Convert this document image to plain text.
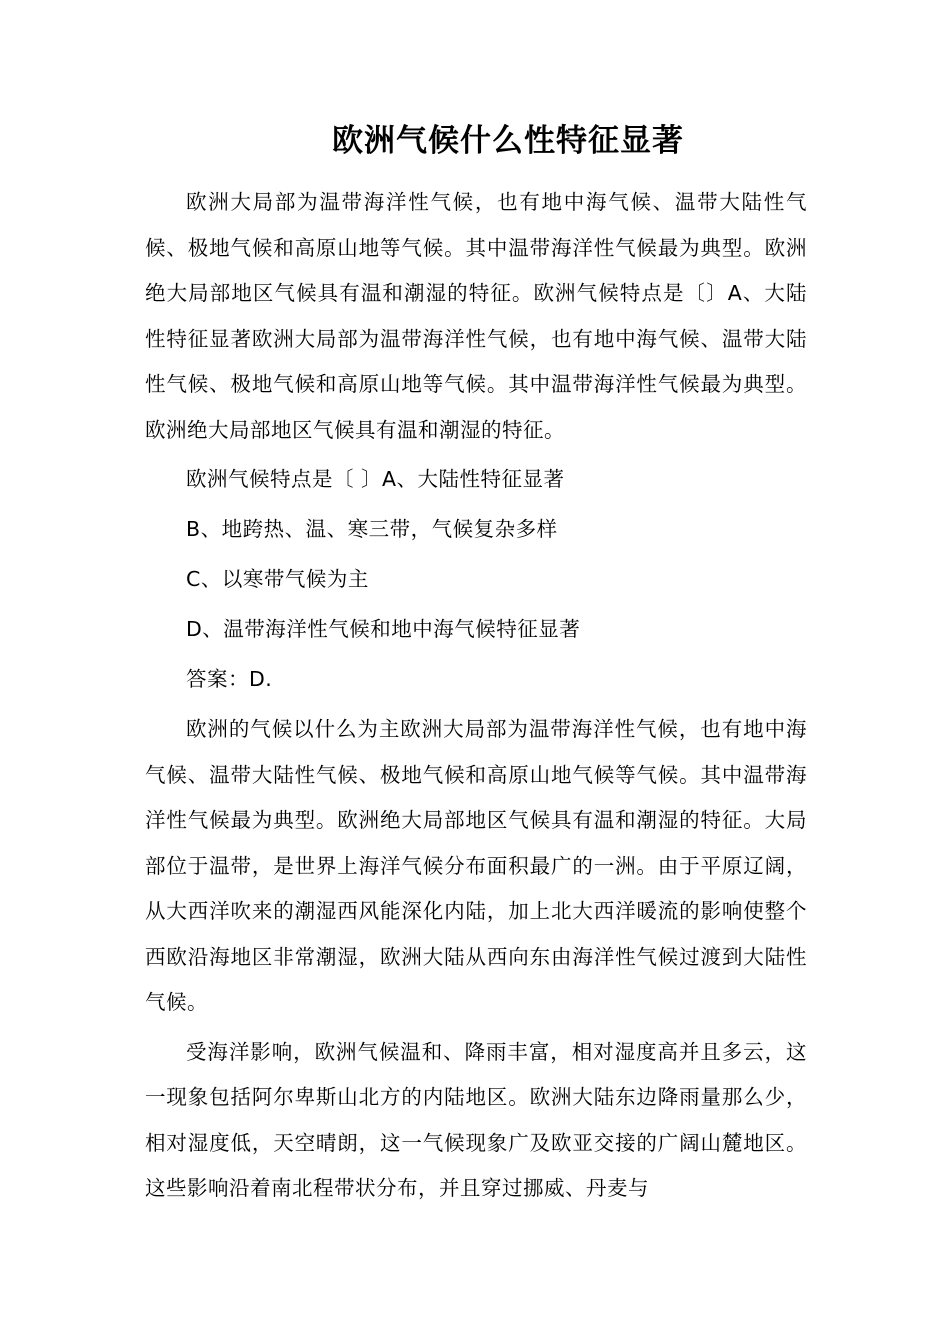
欧洲气候什么性特征显著

欧洲大局部为温带海洋性气候，也有地中海气候、温带大陆性气候、极地气候和高原山地等气候。其中温带海洋性气候最为典型。欧洲绝大局部地区气候具有温和潮湿的特征。欧洲气候特点是〔〕A、大陆性特征显著欧洲大局部为温带海洋性气候，也有地中海气候、温带大陆性气候、极地气候和高原山地等气候。其中温带海洋性气候最为典型。欧洲绝大局部地区气候具有温和潮湿的特征。

欧洲气候特点是〔 〕A、大陆性特征显著

B、地跨热、温、寒三带，气候复杂多样

C、以寒带气候为主

D、温带海洋性气候和地中海气候特征显著

答案：D.

欧洲的气候以什么为主欧洲大局部为温带海洋性气候，也有地中海气候、温带大陆性气候、极地气候和高原山地气候等气候。其中温带海洋性气候最为典型。欧洲绝大局部地区气候具有温和潮湿的特征。大局部位于温带，是世界上海洋气候分布面积最广的一洲。由于平原辽阔，从大西洋吹来的潮湿西风能深化内陆，加上北大西洋暖流的影响使整个西欧沿海地区非常潮湿，欧洲大陆从西向东由海洋性气候过渡到大陆性气候。

受海洋影响，欧洲气候温和、降雨丰富，相对湿度高并且多云，这一现象包括阿尔卑斯山北方的内陆地区。欧洲大陆东边降雨量那么少，相对湿度低，天空晴朗，这一气候现象广及欧亚交接的广阔山麓地区。这些影响沿着南北程带状分布，并且穿过挪威、丹麦与
